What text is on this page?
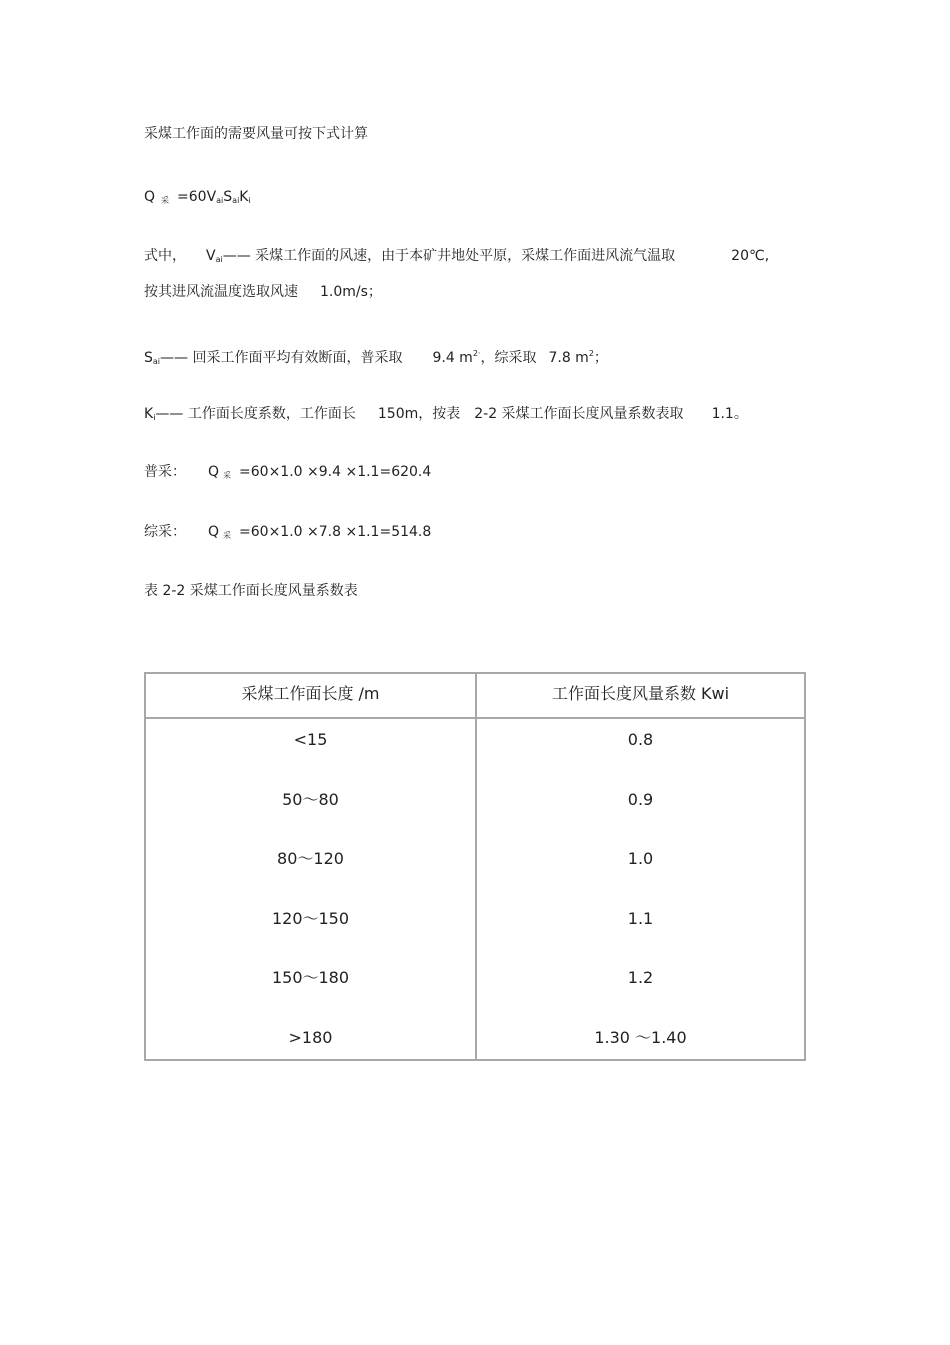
采煤工作面的需要风量可按下式计算
Q $_采 =60V_{ai}S_{ai}K_i$
式中， $V_{ai}——$ 采煤工作面的风速，由于本矿井地处平原，采煤工作面进风流气温取	20℃,
按其进风流温度选取风速 1.0m/s；
$S_{ai}——$ 回采工作面平均有效断面，普采取 9.4 $m^{2\cdot}$，综采取 7.8 $m^2$；
$K_i——$ 工作面长度系数，工作面长 150m，按表 2-2 采煤工作面长度风量系数表取 1.1。
普采： Q $_采$ =60×1.0 ×9.4 ×1.1=620.4
综采： Q $_采$ =60×1.0 ×7.8 ×1.1=514.8
表 2-2 采煤工作面长度风量系数表
采煤工作面长度 /m	工作面长度风量系数 Kwi
<15	0.8
50～80	0.9
80～120	1.0
120～150	1.1
150～180	1.2
>180	1.30 ～1.40
